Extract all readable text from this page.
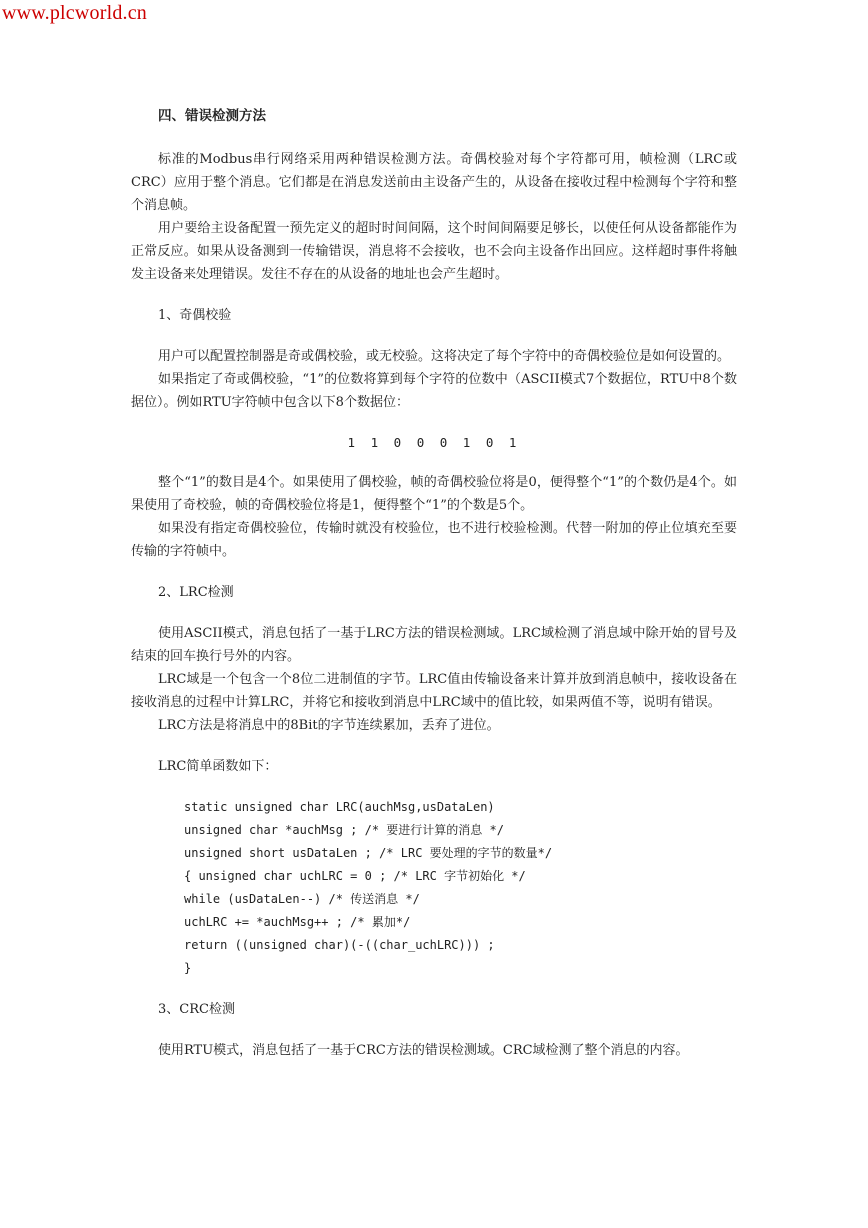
www.plcworld.cn
四、错误检测方法

标准的Modbus串行网络采用两种错误检测方法。奇偶校验对每个字符都可用，帧检测（LRC或CRC）应用于整个消息。它们都是在消息发送前由主设备产生的，从设备在接收过程中检测每个字符和整个消息帧。

用户要给主设备配置一预先定义的超时时间间隔，这个时间间隔要足够长，以使任何从设备都能作为正常反应。如果从设备测到一传输错误，消息将不会接收，也不会向主设备作出回应。这样超时事件将触发主设备来处理错误。发往不存在的从设备的地址也会产生超时。

1、奇偶校验

用户可以配置控制器是奇或偶校验，或无校验。这将决定了每个字符中的奇偶校验位是如何设置的。

如果指定了奇或偶校验，“1”的位数将算到每个字符的位数中（ASCII模式7个数据位，RTU中8个数据位）。例如RTU字符帧中包含以下8个数据位：

1 1 0 0 0 1 0 1

整个“1”的数目是4个。如果使用了偶校验，帧的奇偶校验位将是0，便得整个“1”的个数仍是4个。如果使用了奇校验，帧的奇偶校验位将是1，便得整个“1”的个数是5个。

如果没有指定奇偶校验位，传输时就没有校验位，也不进行校验检测。代替一附加的停止位填充至要传输的字符帧中。

2、LRC检测

使用ASCII模式，消息包括了一基于LRC方法的错误检测域。LRC域检测了消息域中除开始的冒号及结束的回车换行号外的内容。

LRC域是一个包含一个8位二进制值的字节。LRC值由传输设备来计算并放到消息帧中，接收设备在接收消息的过程中计算LRC，并将它和接收到消息中LRC域中的值比较，如果两值不等，说明有错误。

LRC方法是将消息中的8Bit的字节连续累加，丢弃了进位。

LRC简单函数如下：

static unsigned char LRC(auchMsg,usDataLen)
unsigned char *auchMsg ; /* 要进行计算的消息 */
unsigned short usDataLen ; /* LRC 要处理的字节的数量*/
{ unsigned char uchLRC = 0 ; /* LRC 字节初始化 */
while (usDataLen--) /* 传送消息 */
uchLRC += *auchMsg++ ; /* 累加*/
return ((unsigned char)(-((char_uchLRC))) ;
}
3、CRC检测

使用RTU模式，消息包括了一基于CRC方法的错误检测域。CRC域检测了整个消息的内容。
